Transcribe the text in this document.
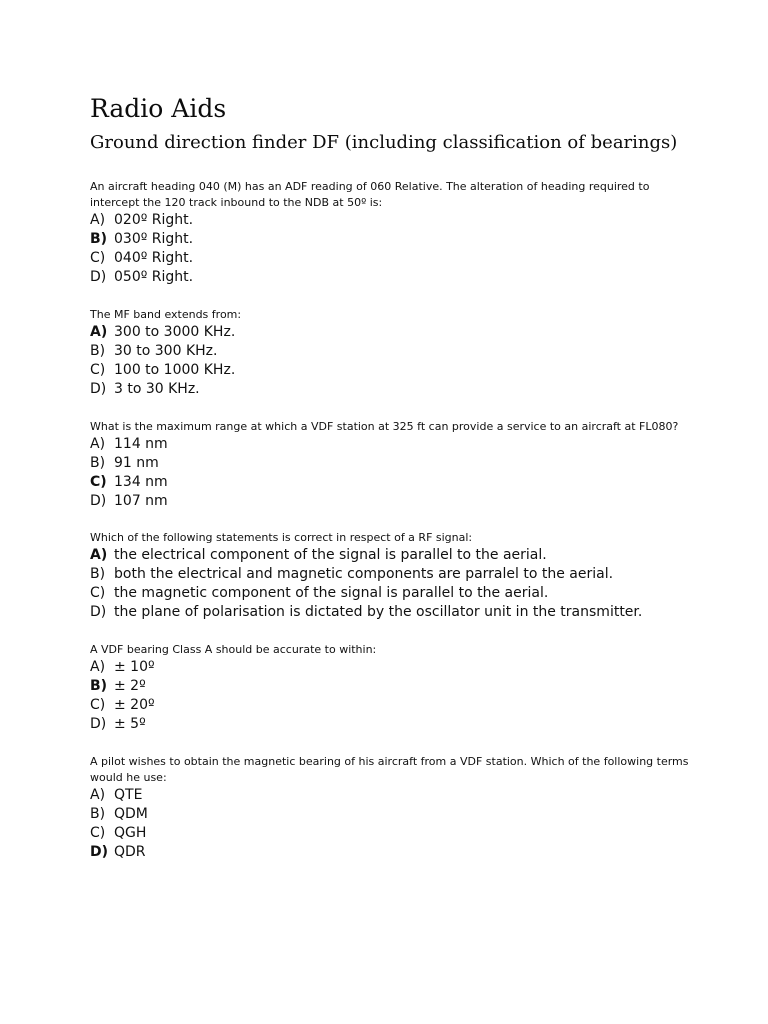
Radio Aids
Ground direction finder DF (including classification of bearings)

An aircraft heading 040 (M) has an ADF reading of 060 Relative. The alteration of heading required to intercept the 120 track inbound to the NDB at 50º is:

A) 020º Right.
B) 030º Right.
C) 040º Right.
D) 050º Right.

The MF band extends from:

A) 300 to 3000 KHz.
B) 30 to 300 KHz.
C) 100 to 1000 KHz.
D) 3 to 30 KHz.

What is the maximum range at which a VDF station at 325 ft can provide a service to an aircraft at FL080?

A) 114 nm
B) 91 nm
C) 134 nm
D) 107 nm

Which of the following statements is correct in respect of a RF signal:

A) the electrical component of the signal is parallel to the aerial.
B) both the electrical and magnetic components are parralel to the aerial.
C) the magnetic component of the signal is parallel to the aerial.
D) the plane of polarisation is dictated by the oscillator unit in the transmitter.

A VDF bearing Class A should be accurate to within:

A) ± 10º
B) ± 2º
C) ± 20º
D) ± 5º

A pilot wishes to obtain the magnetic bearing of his aircraft from a VDF station. Which of the following terms would he use:

A) QTE
B) QDM
C) QGH
D) QDR
